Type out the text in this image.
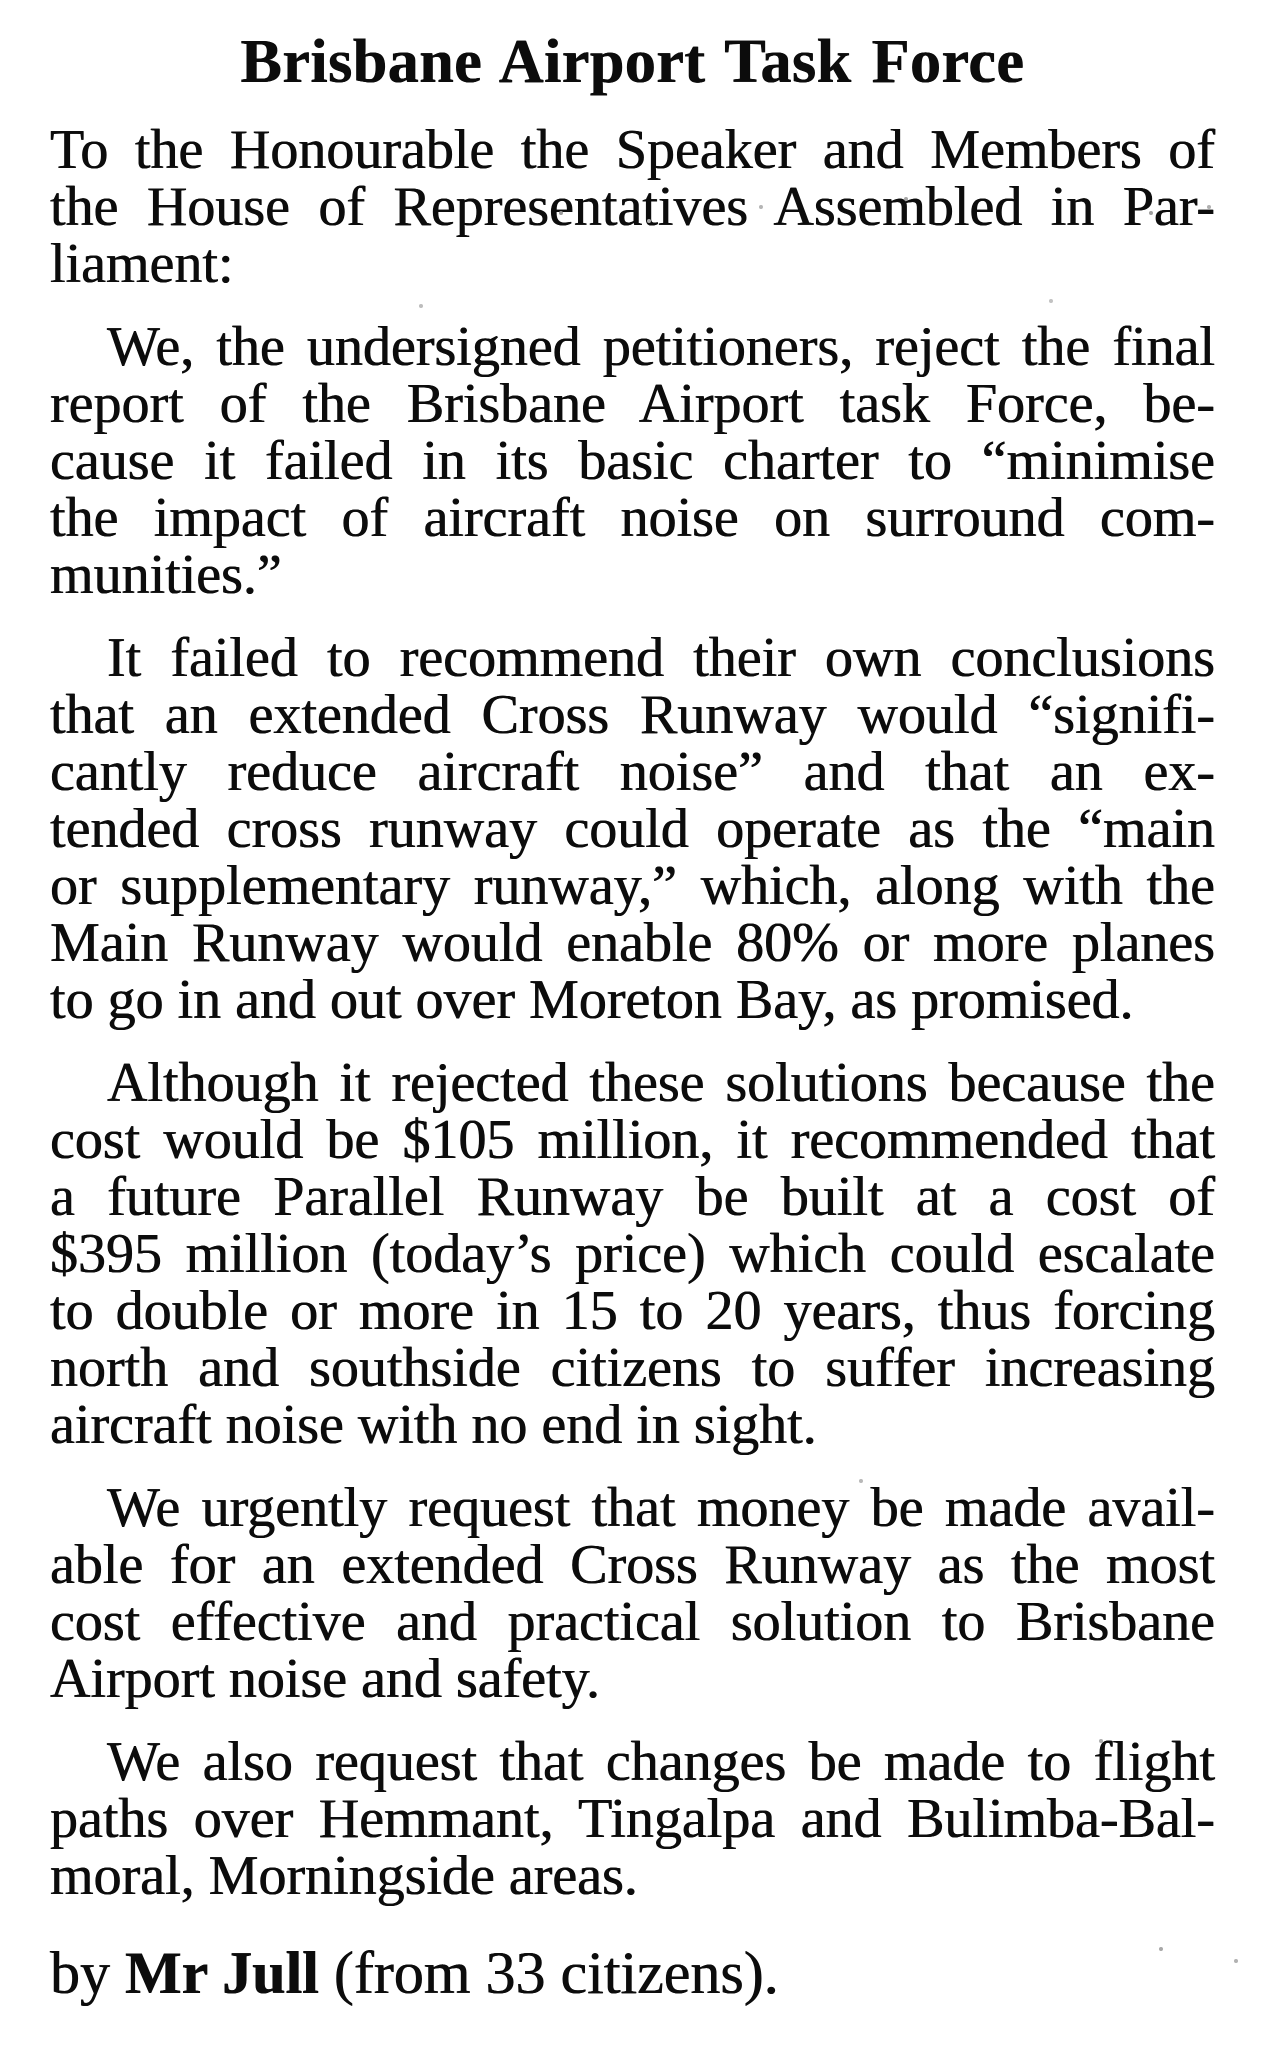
Brisbane Airport Task Force
To the Honourable the Speaker and Members of
the House of Representatives Assembled in Par-
liament:
We, the undersigned petitioners, reject the final
report of the Brisbane Airport task Force, be-
cause it failed in its basic charter to “minimise
the impact of aircraft noise on surround com-
munities.”
It failed to recommend their own conclusions
that an extended Cross Runway would “signifi-
cantly reduce aircraft noise” and that an ex-
tended cross runway could operate as the “main
or supplementary runway,” which, along with the
Main Runway would enable 80% or more planes
to go in and out over Moreton Bay, as promised.
Although it rejected these solutions because the
cost would be $105 million, it recommended that
a future Parallel Runway be built at a cost of
$395 million (today’s price) which could escalate
to double or more in 15 to 20 years, thus forcing
north and southside citizens to suffer increasing
aircraft noise with no end in sight.
We urgently request that money be made avail-
able for an extended Cross Runway as the most
cost effective and practical solution to Brisbane
Airport noise and safety.
We also request that changes be made to flight
paths over Hemmant, Tingalpa and Bulimba-Bal-
moral, Morningside areas.

by Mr Jull (from 33 citizens).
